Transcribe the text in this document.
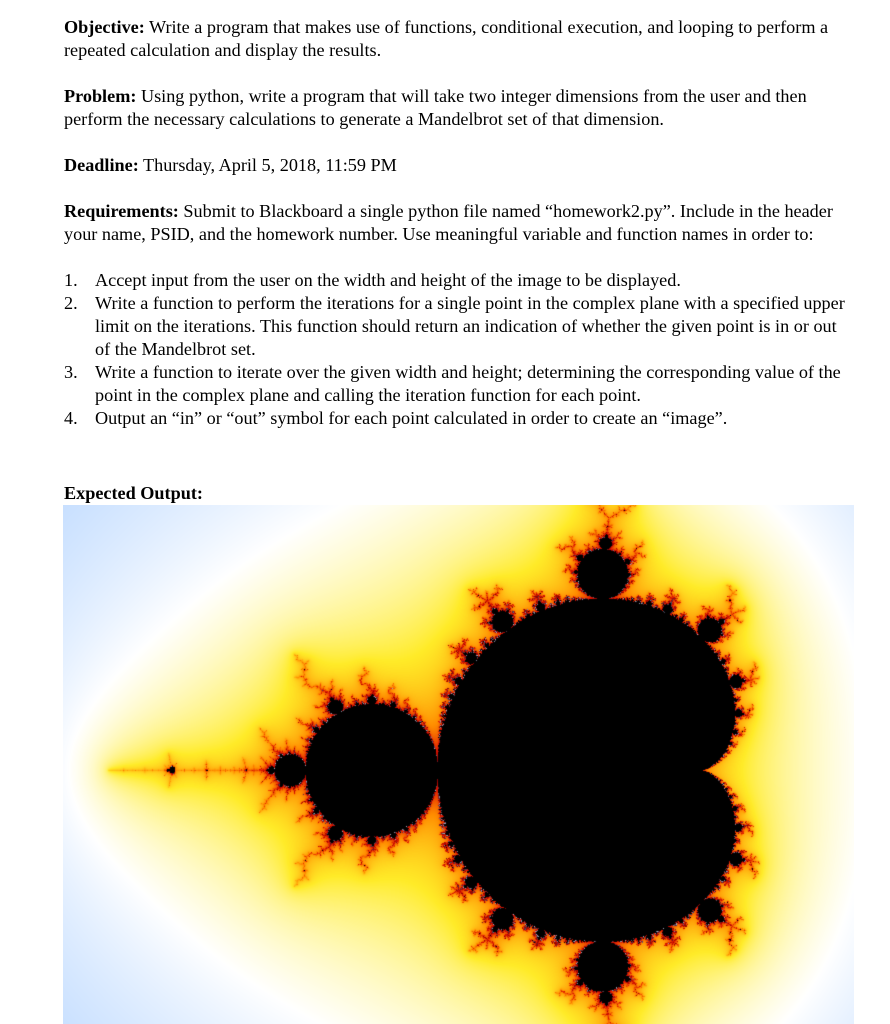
Objective: Write a program that makes use of functions, conditional execution, and looping to perform a repeated calculation and display the results.

Problem: Using python, write a program that will take two integer dimensions from the user and then perform the necessary calculations to generate a Mandelbrot set of that dimension.

Deadline: Thursday, April 5, 2018, 11:59 PM

Requirements: Submit to Blackboard a single python file named “homework2.py”. Include in the header your name, PSID, and the homework number. Use meaningful variable and function names in order to:

1. Accept input from the user on the width and height of the image to be displayed.
2. Write a function to perform the iterations for a single point in the complex plane with a specified upper limit on the iterations. This function should return an indication of whether the given point is in or out of the Mandelbrot set.
3. Write a function to iterate over the given width and height; determining the corresponding value of the point in the complex plane and calling the iteration function for each point.
4. Output an “in” or “out” symbol for each point calculated in order to create an “image”.
Expected Output:
